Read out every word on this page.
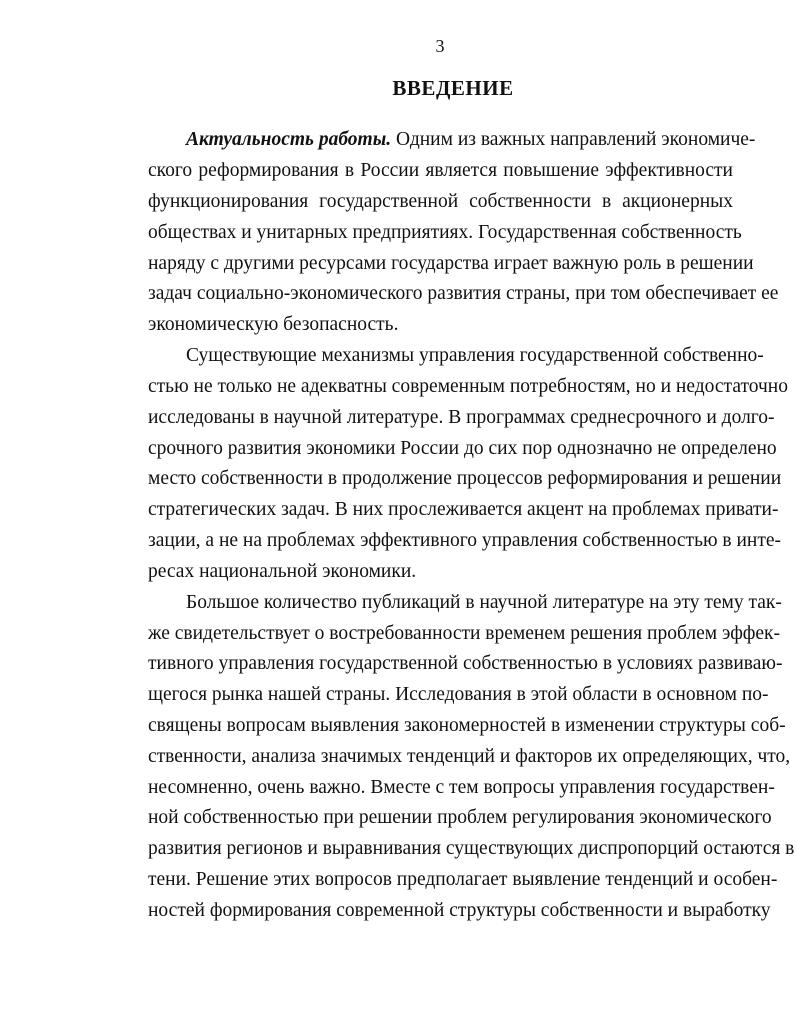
3
ВВЕДЕНИЕ
Актуальность работы. Одним из важных направлений экономиче-
ского реформирования в России является повышение эффективности
функционирования государственной собственности в акционерных
обществах и унитарных предприятиях. Государственная собственность
наряду с другими ресурсами государства играет важную роль в решении
задач социально-экономического развития страны, при том обеспечивает ее
экономическую безопасность.
Существующие механизмы управления государственной собственно-
стью не только не адекватны современным потребностям, но и недостаточно
исследованы в научной литературе. В программах среднесрочного и долго-
срочного развития экономики России до сих пор однозначно не определено
место собственности в продолжение процессов реформирования и решении
стратегических задач. В них прослеживается акцент на проблемах привати-
зации, а не на проблемах эффективного управления собственностью в инте-
ресах национальной экономики.
Большое количество публикаций в научной литературе на эту тему так-
же свидетельствует о востребованности временем решения проблем эффек-
тивного управления государственной собственностью в условиях развиваю-
щегося рынка нашей страны. Исследования в этой области в основном по-
священы вопросам выявления закономерностей в изменении структуры соб-
ственности, анализа значимых тенденций и факторов их определяющих, что,
несомненно, очень важно. Вместе с тем вопросы управления государствен-
ной собственностью при решении проблем регулирования экономического
развития регионов и выравнивания существующих диспропорций остаются в
тени. Решение этих вопросов предполагает выявление тенденций и особен-
ностей формирования современной структуры собственности и выработку
